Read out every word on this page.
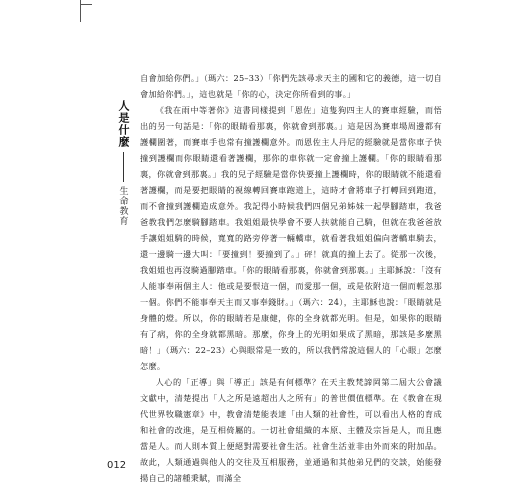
人是什麼
生命教育

自會加給你們。」（瑪六：25–33）「你們先該尋求天主的國和它的義德，這一切自會加給你們。」，這也就是「你的心，決定你所看到的事。」

《我在雨中等著你》這書同樣提到「恩佐」這隻狗四主人的賽車經驗，而悟出的另一句話是：「你的眼睛看那裏，你就會到那裏。」這是因為賽車場周邊都有護欄圍著，而賽車手也常有撞護欄意外。而恩佐主人丹尼的經驗就是當你車子快撞到護欄而你眼睛還看著護欄，那你的車你就一定會撞上護欄。「你的眼睛看那裏，你就會到那裏。」我的兒子經驗是當你快要撞上護欄時，你的眼睛就不能還看著護欄，而是要把眼睛的視線轉回賽車跑道上，這時才會將車子打轉回到跑道，而不會撞到護欄造成意外。我記得小時候我們四個兄弟姊妹一起學腳踏車，我爸爸教我們怎麼騎腳踏車。我姐姐最快學會不要人扶就能自己騎，但就在我爸爸放手讓姐姐騎的時候，寬寬的路旁停著一輛轎車，就看著我姐姐偏向著轎車騎去，還一邊騎一邊大叫：「要撞到！要撞到了。」砰！就真的撞上去了。從那一次後，我姐姐也再沒騎過腳踏車。「你的眼睛看那裏，你就會到那裏。」主耶穌說：「沒有人能事奉兩個主人：他或是要恨這一個，而愛那一個，或是依附這一個而輕忽那一個。你們不能事奉天主而又事奉錢財。」（瑪六：24），主耶穌也說：「眼睛就是身體的燈。所以，你的眼睛若是康健，你的全身就都光明。但是，如果你的眼睛有了病，你的全身就都黑暗。那麼，你身上的光明如果成了黑暗，那該是多麼黑暗！」（瑪六：22–23）心與眼常是一致的，所以我們常說這個人的「心眼」怎麼怎麼。

人心的「正導」與「導正」該是有何標準？在天主教梵諦岡第二屆大公會議文獻中，清楚提出「人之所是遠超出人之所有」的普世價值標準。在《教會在現代世界牧職憲章》中，教會清楚能表達「由人類的社會性，可以看出人格的育成和社會的改進，是互相倚屬的。一切社會組織的本原、主體及宗旨是人，而且應當是人。而人則本質上便絕對需要社會生活。社會生活並非由外而來的附加品。故此，人類通過與他人的交往及互相服務，並通過和其他弟兄們的交談，始能發揚自己的諸種秉賦，而滿全

012
